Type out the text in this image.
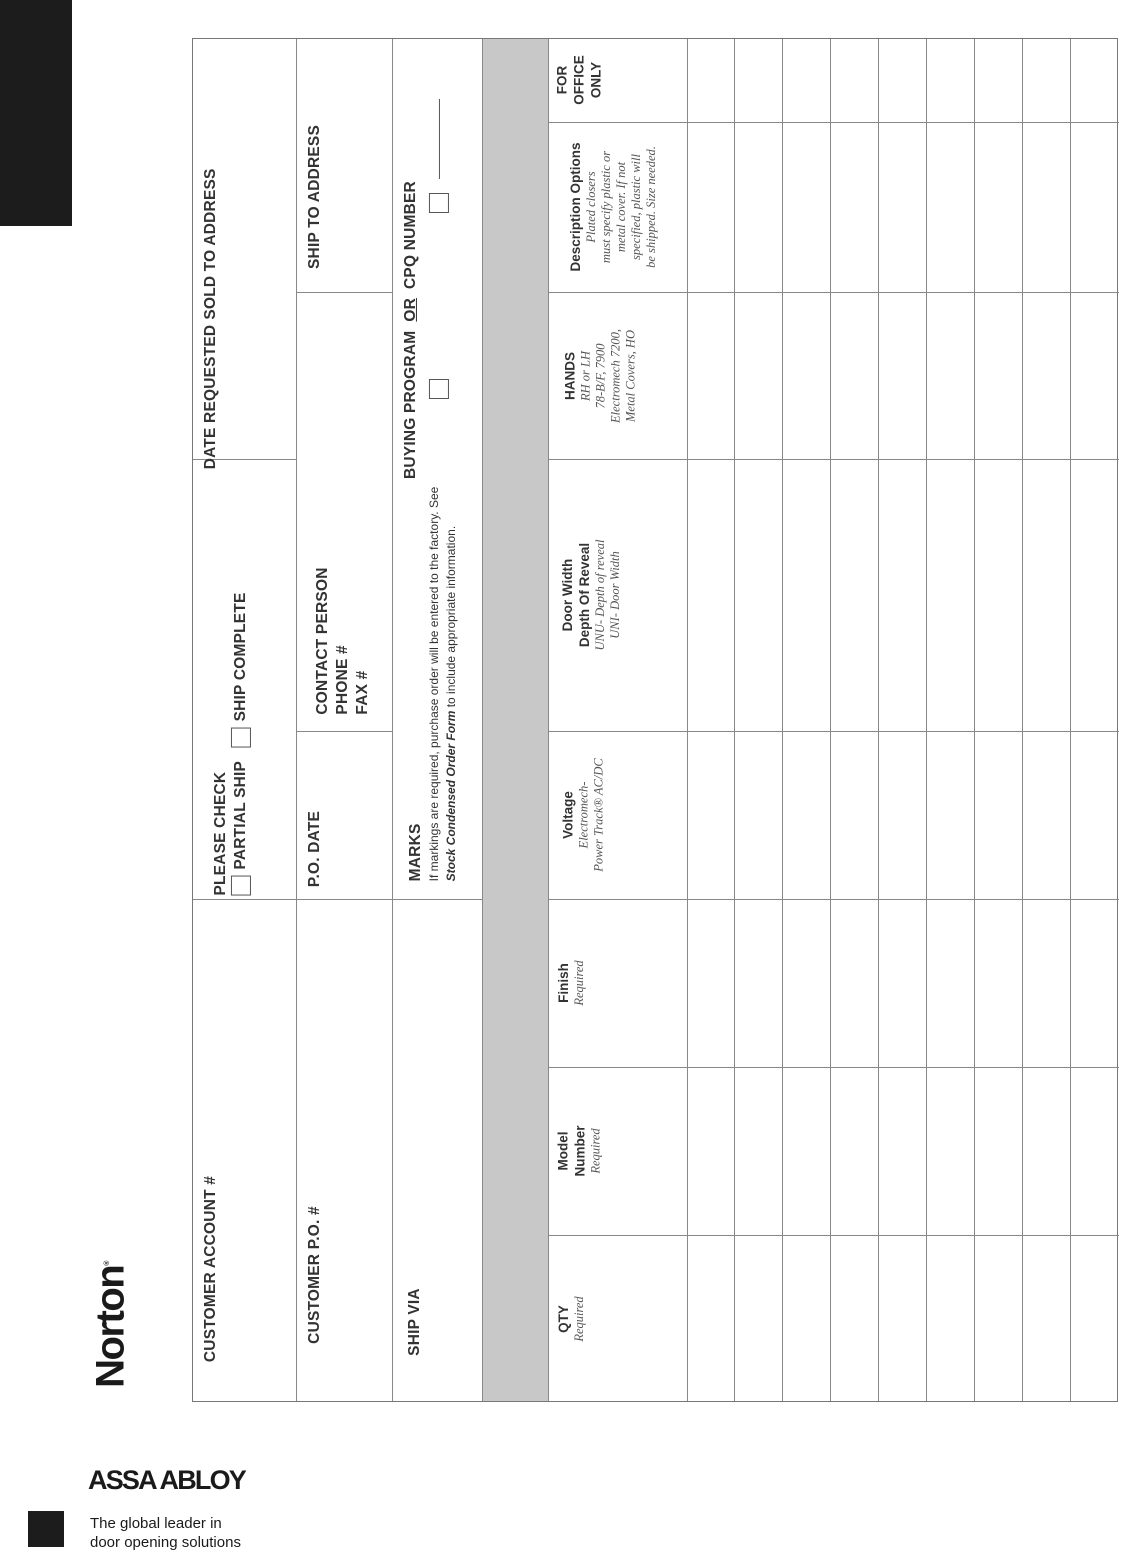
Norton®
ASSA ABLOY
The global leader in
door opening solutions
SOLD TO ADDRESS
DATE REQUESTED
PLEASE CHECK PARTIAL SHIP   SHIP COMPLETE
CUSTOMER ACCOUNT #
SHIP TO ADDRESS
CONTACT PERSON PHONE # FAX #
P.O. DATE
CUSTOMER P.O. #
BUYING PROGRAM  OR  CPQ NUMBER
MARKS If markings are required, purchase order will be entered to the factory. See Stock Condensed Order Form to include appropriate information.
SHIP VIA
FOR OFFICE ONLY
Description Options Plated closers must specify plastic or metal cover. If not specified, plastic will be shipped. Size needed.
HANDS RH or LH 78-B/F, 7900 Electromech 7200, Metal Covers, HO
Door Width Depth Of Reveal UNU- Depth of reveal UNI- Door Width
Voltage Electromech- Power Track® AC/DC
Finish Required
Model Number Required
QTY Required
